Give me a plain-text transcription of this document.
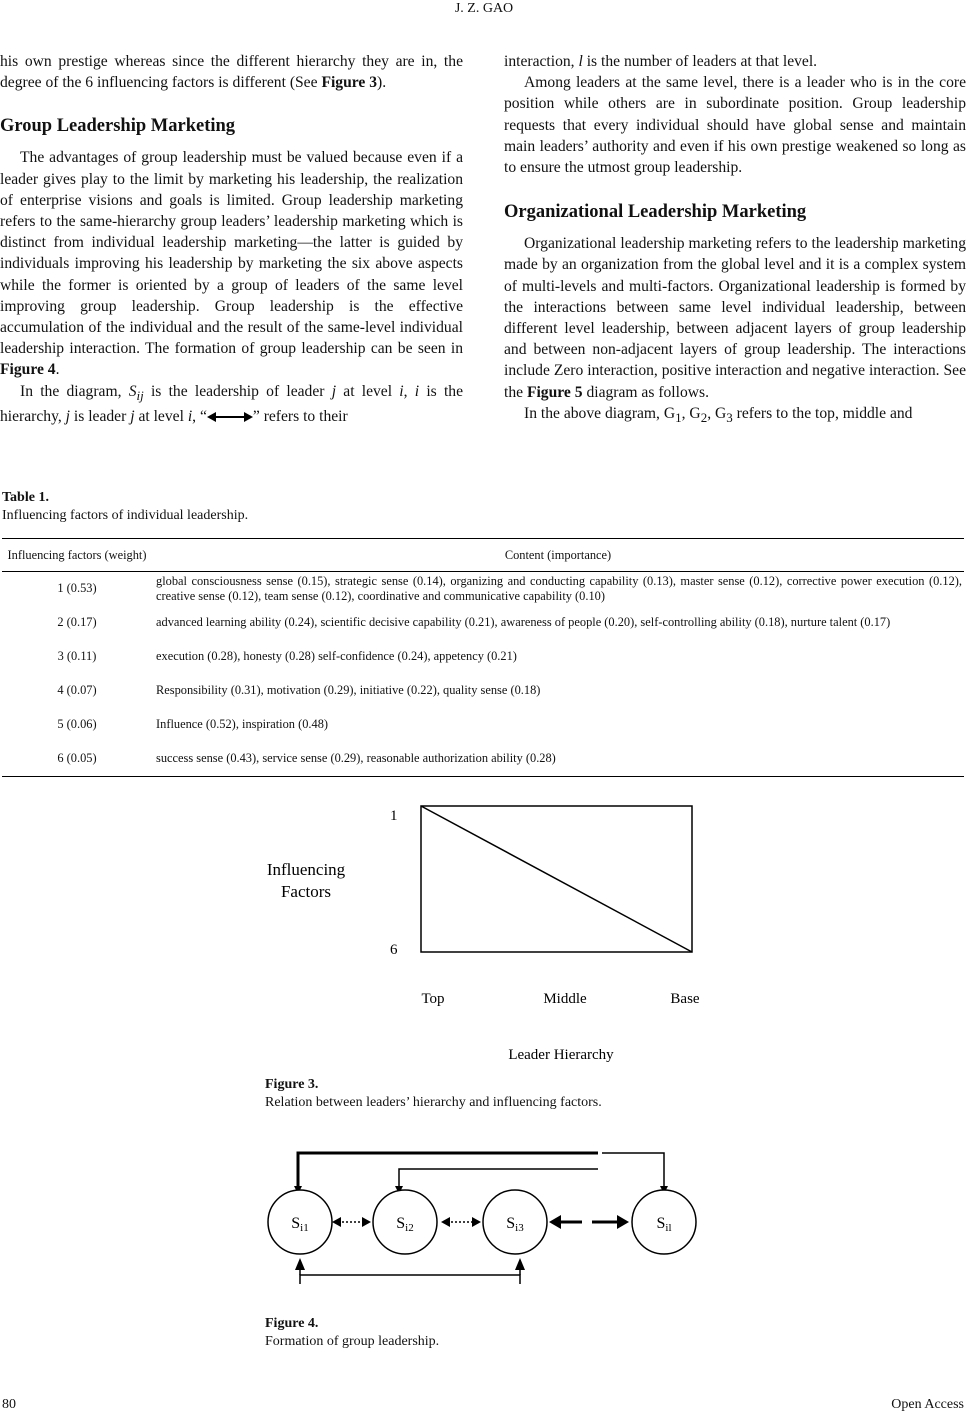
J. Z. GAO

his own prestige whereas since the different hierarchy they are in, the degree of the 6 influencing factors is different (See Figure 3).

Group Leadership Marketing

The advantages of group leadership must be valued because even if a leader gives play to the limit by marketing his leadership, the realization of enterprise visions and goals is limited. Group leadership marketing refers to the same-hierarchy group leaders’ leadership marketing which is distinct from individual leadership marketing—the latter is guided by individuals improving his leadership by marketing the six above aspects while the former is oriented by a group of leaders of the same level improving group leadership. Group leadership is the effective accumulation of the individual and the result of the same-level individual leadership interaction. The formation of group leadership can be seen in Figure 4.

In the diagram, $S_{ij}$ is the leadership of leader j at level i, i is the hierarchy, j is leader j at level i, “	” refers to their

interaction, l is the number of leaders at that level.

Among leaders at the same level, there is a leader who is in the core position while others are in subordinate position. Group leadership requests that every individual should have global sense and maintain main leaders’ authority and even if his own prestige weakened so long as to ensure the utmost group leadership.

Organizational Leadership Marketing

Organizational leadership marketing refers to the leadership marketing made by an organization from the global level and it is a complex system of multi-levels and multi-factors. Organizational leadership is formed by the interactions between same level individual leadership, between different level leadership, between adjacent layers of group leadership and between non-adjacent layers of group leadership. The interactions include Zero interaction, positive interaction and negative interaction. See the Figure 5 diagram as follows.

In the above diagram, $G_1$, $G_2$, $G_3$ refers to the top, middle and

Table 1.
Influencing factors of individual leadership.
Influencing factors (weight)	Content (importance)
1 (0.53)	global consciousness sense (0.15), strategic sense (0.14), organizing and conducting capability (0.13), master sense (0.12), corrective power execution (0.12), creative sense (0.12), team sense (0.12), coordinative and communicative capability (0.10)
2 (0.17)	advanced learning ability (0.24), scientific decisive capability (0.21), awareness of people (0.20), self-controlling ability (0.18), nurture talent (0.17)
3 (0.11)	execution (0.28), honesty (0.28) self-confidence (0.24), appetency (0.21)
4 (0.07)	Responsibility (0.31), motivation (0.29), initiative (0.22), quality sense (0.18)
5 (0.06)	Influence (0.52), inspiration (0.48)
6 (0.05)	success sense (0.43), service sense (0.29), reasonable authorization ability (0.28)
1
6
Influencing
Factors
Top	Middle	Base
Leader Hierarchy
Figure 3.
Relation between leaders’ hierarchy and influencing factors.
Si1	Si2	Si3	Sil
Figure 4.
Formation of group leadership.
80	Open Access
